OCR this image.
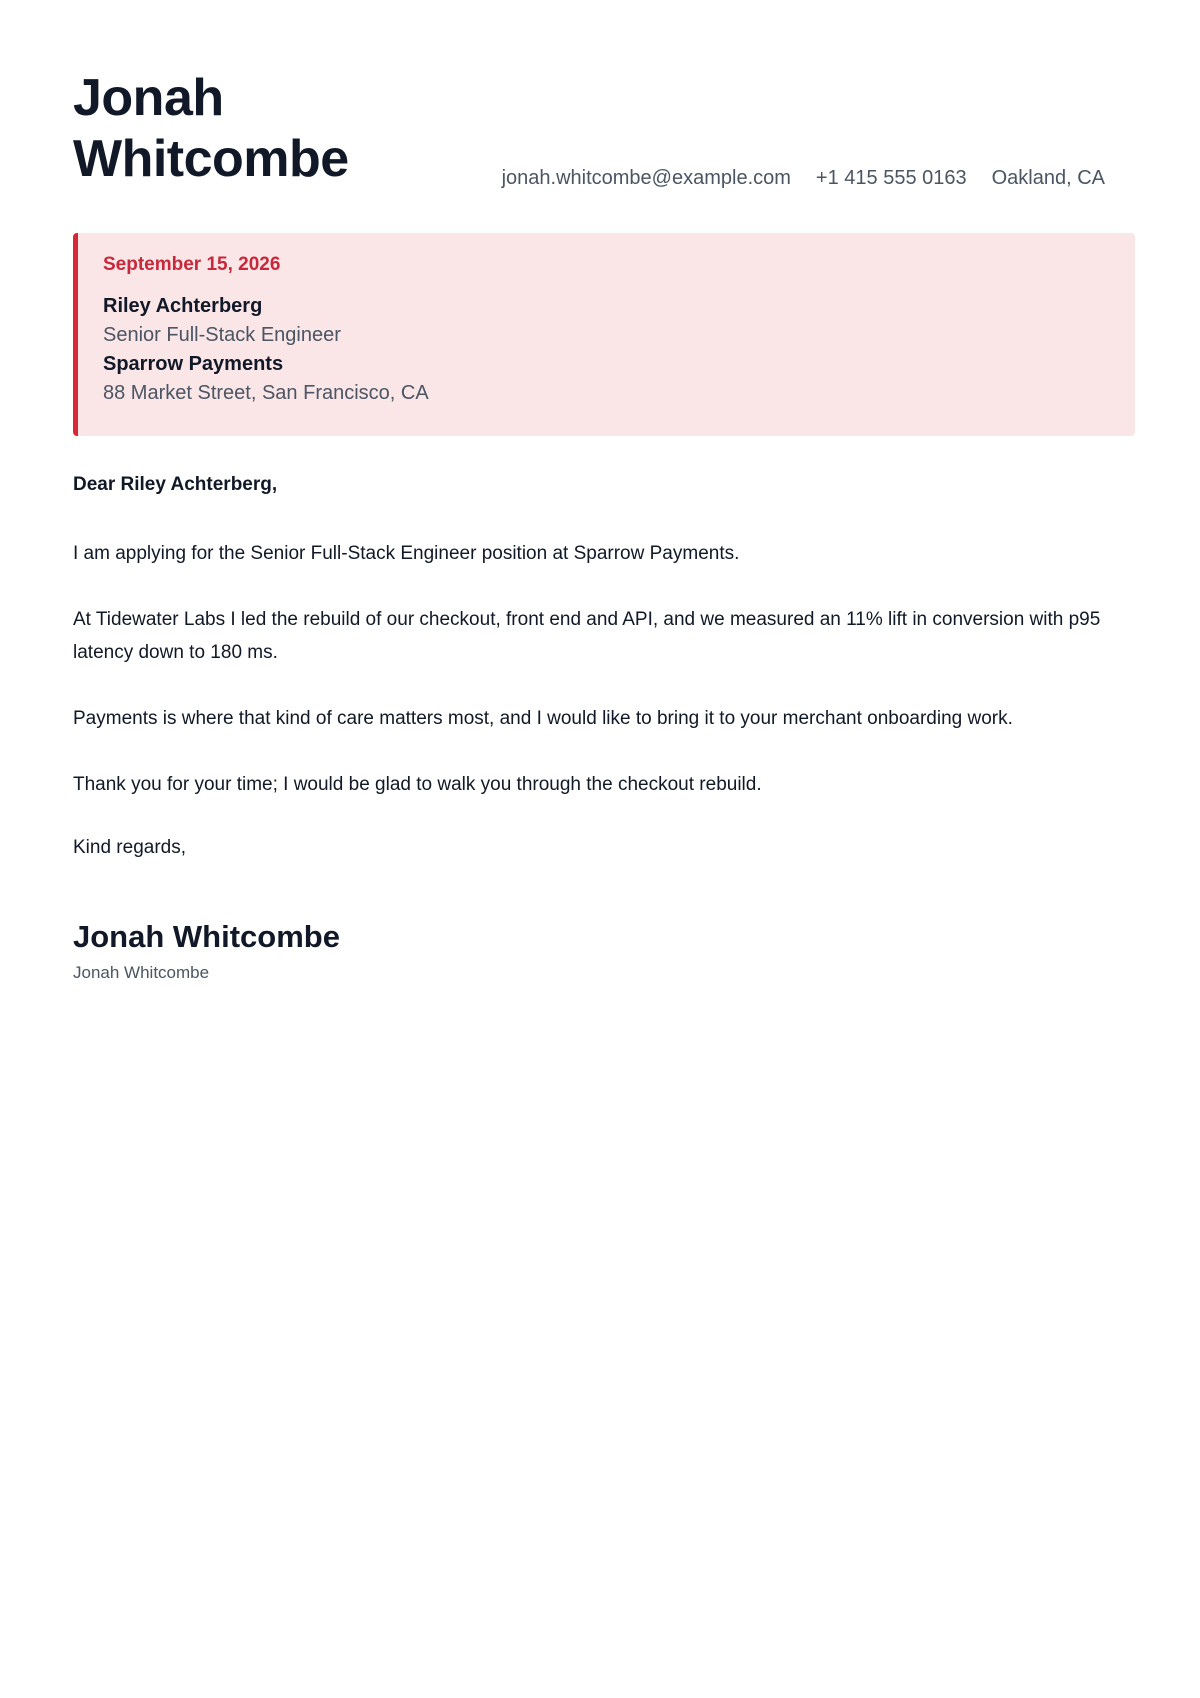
Jonah
Whitcombe	jonah.whitcombe@example.com +1 415 555 0163 Oakland, CA
September 15, 2026
Riley Achterberg
Senior Full-Stack Engineer
Sparrow Payments
88 Market Street, San Francisco, CA

Dear Riley Achterberg,

I am applying for the Senior Full-Stack Engineer position at Sparrow Payments.

At Tidewater Labs I led the rebuild of our checkout, front end and API, and we measured an 11% lift in conversion with p95 latency down to 180 ms.

Payments is where that kind of care matters most, and I would like to bring it to your merchant onboarding work.

Thank you for your time; I would be glad to walk you through the checkout rebuild.

Kind regards,

Jonah Whitcombe
Jonah Whitcombe
